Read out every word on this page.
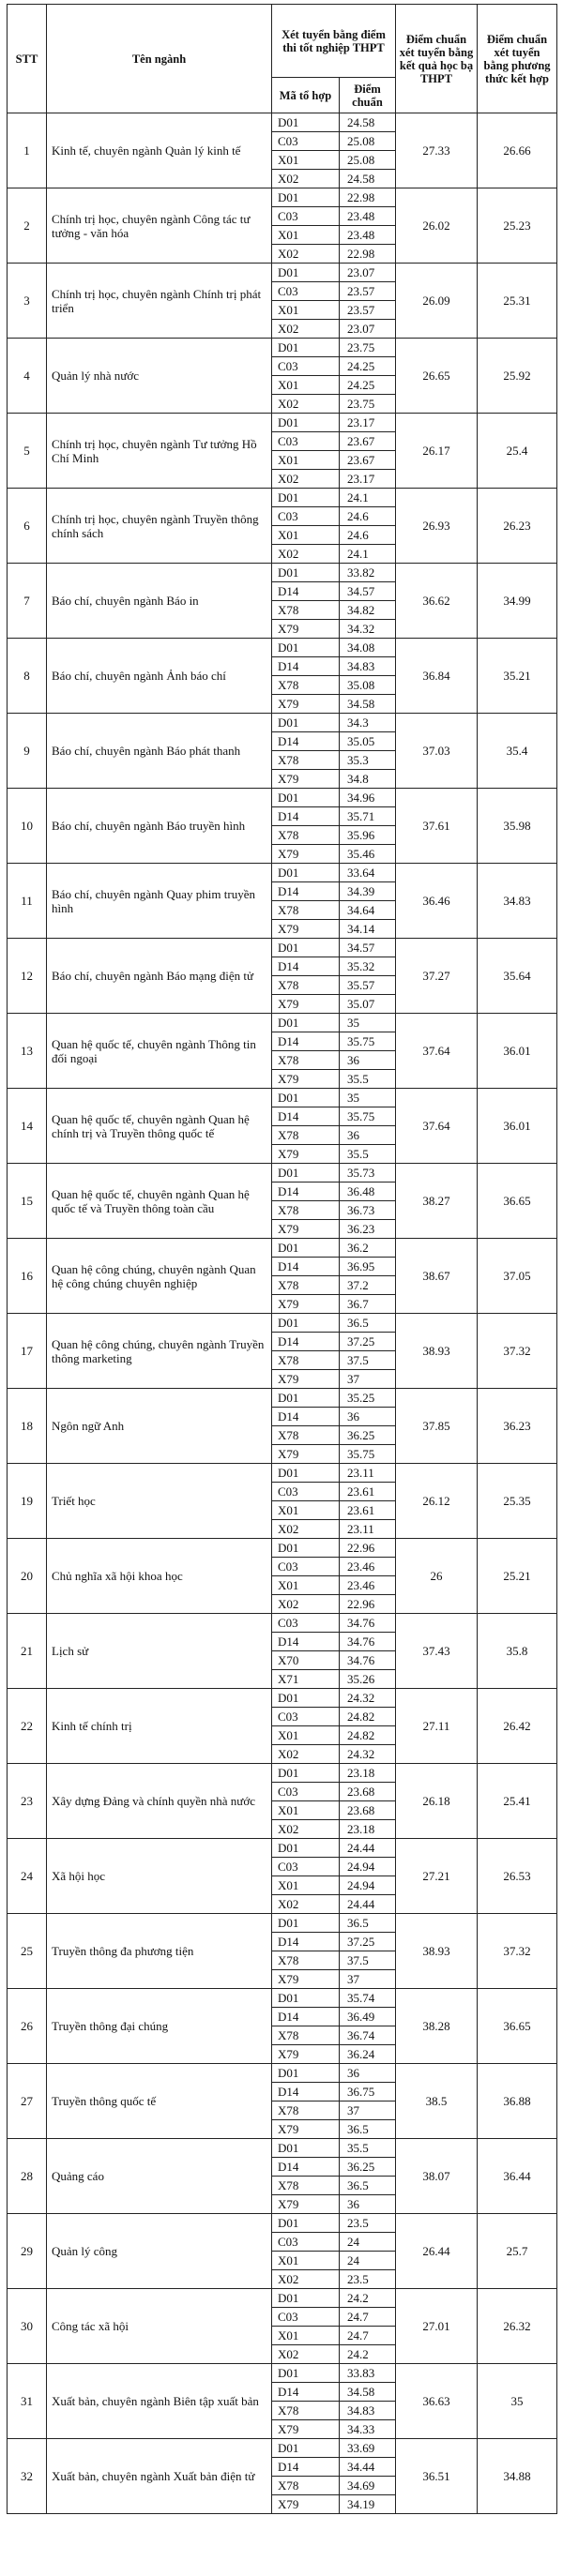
STT	Tên ngành	Xét tuyển bằng điểm thi tốt nghiệp THPT		Điểm chuẩn xét tuyển bằng kết quả học bạ THPT	Điểm chuẩn xét tuyển bằng phương thức kết hợp
		Mã tổ hợp	Điểm chuẩn		
1	Kinh tế, chuyên ngành Quản lý kinh tế	D01	24.58	27.33	26.66
		C03	25.08		
		X01	25.08		
		X02	24.58		
2	Chính trị học, chuyên ngành Công tác tư tưởng - văn hóa	D01	22.98	26.02	25.23
		C03	23.48		
		X01	23.48		
		X02	22.98		
3	Chính trị học, chuyên ngành Chính trị phát triển	D01	23.07	26.09	25.31
		C03	23.57		
		X01	23.57		
		X02	23.07		
4	Quản lý nhà nước	D01	23.75	26.65	25.92
		C03	24.25		
		X01	24.25		
		X02	23.75		
5	Chính trị học, chuyên ngành Tư tưởng Hồ Chí Minh	D01	23.17	26.17	25.4
		C03	23.67		
		X01	23.67		
		X02	23.17		
6	Chính trị học, chuyên ngành Truyền thông chính sách	D01	24.1	26.93	26.23
		C03	24.6		
		X01	24.6		
		X02	24.1		
7	Báo chí, chuyên ngành Báo in	D01	33.82	36.62	34.99
		D14	34.57		
		X78	34.82		
		X79	34.32		
8	Báo chí, chuyên ngành Ảnh báo chí	D01	34.08	36.84	35.21
		D14	34.83		
		X78	35.08		
		X79	34.58		
9	Báo chí, chuyên ngành Báo phát thanh	D01	34.3	37.03	35.4
		D14	35.05		
		X78	35.3		
		X79	34.8		
10	Báo chí, chuyên ngành Báo truyền hình	D01	34.96	37.61	35.98
		D14	35.71		
		X78	35.96		
		X79	35.46		
11	Báo chí, chuyên ngành Quay phim truyền hình	D01	33.64	36.46	34.83
		D14	34.39		
		X78	34.64		
		X79	34.14		
12	Báo chí, chuyên ngành Báo mạng điện tử	D01	34.57	37.27	35.64
		D14	35.32		
		X78	35.57		
		X79	35.07		
13	Quan hệ quốc tế, chuyên ngành Thông tin đối ngoại	D01	35	37.64	36.01
		D14	35.75		
		X78	36		
		X79	35.5		
14	Quan hệ quốc tế, chuyên ngành Quan hệ chính trị và Truyền thông quốc tế	D01	35	37.64	36.01
		D14	35.75		
		X78	36		
		X79	35.5		
15	Quan hệ quốc tế, chuyên ngành Quan hệ quốc tế và Truyền thông toàn cầu	D01	35.73	38.27	36.65
		D14	36.48		
		X78	36.73		
		X79	36.23		
16	Quan hệ công chúng, chuyên ngành Quan hệ công chúng chuyên nghiệp	D01	36.2	38.67	37.05
		D14	36.95		
		X78	37.2		
		X79	36.7		
17	Quan hệ công chúng, chuyên ngành Truyền thông marketing	D01	36.5	38.93	37.32
		D14	37.25		
		X78	37.5		
		X79	37		
18	Ngôn ngữ Anh	D01	35.25	37.85	36.23
		D14	36		
		X78	36.25		
		X79	35.75		
19	Triết học	D01	23.11	26.12	25.35
		C03	23.61		
		X01	23.61		
		X02	23.11		
20	Chủ nghĩa xã hội khoa học	D01	22.96	26	25.21
		C03	23.46		
		X01	23.46		
		X02	22.96		
21	Lịch sử	C03	34.76	37.43	35.8
		D14	34.76		
		X70	34.76		
		X71	35.26		
22	Kinh tế chính trị	D01	24.32	27.11	26.42
		C03	24.82		
		X01	24.82		
		X02	24.32		
23	Xây dựng Đảng và chính quyền nhà nước	D01	23.18	26.18	25.41
		C03	23.68		
		X01	23.68		
		X02	23.18		
24	Xã hội học	D01	24.44	27.21	26.53
		C03	24.94		
		X01	24.94		
		X02	24.44		
25	Truyền thông đa phương tiện	D01	36.5	38.93	37.32
		D14	37.25		
		X78	37.5		
		X79	37		
26	Truyền thông đại chúng	D01	35.74	38.28	36.65
		D14	36.49		
		X78	36.74		
		X79	36.24		
27	Truyền thông quốc tế	D01	36	38.5	36.88
		D14	36.75		
		X78	37		
		X79	36.5		
28	Quảng cáo	D01	35.5	38.07	36.44
		D14	36.25		
		X78	36.5		
		X79	36		
29	Quản lý công	D01	23.5	26.44	25.7
		C03	24		
		X01	24		
		X02	23.5		
30	Công tác xã hội	D01	24.2	27.01	26.32
		C03	24.7		
		X01	24.7		
		X02	24.2		
31	Xuất bản, chuyên ngành Biên tập xuất bản	D01	33.83	36.63	35
		D14	34.58		
		X78	34.83		
		X79	34.33		
32	Xuất bản, chuyên ngành Xuất bản điện tử	D01	33.69	36.51	34.88
		D14	34.44		
		X78	34.69		
		X79	34.19		
